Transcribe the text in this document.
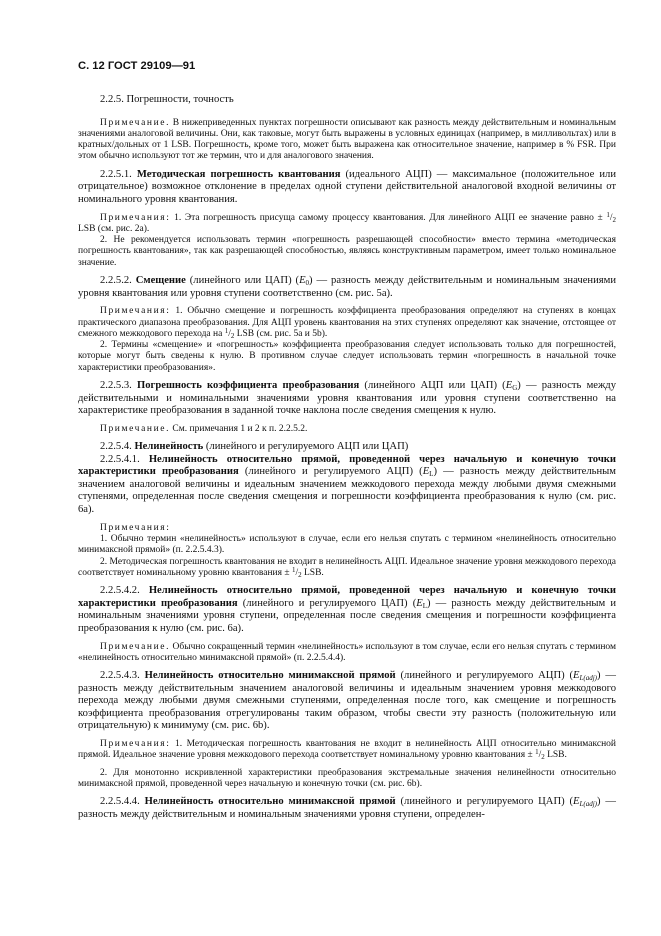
С. 12 ГОСТ 29109—91

2.2.5. Погрешности, точность

Примечание. В нижеприведенных пунктах погрешности описывают как разность между действительным и номинальным значениями аналоговой величины. Они, как таковые, могут быть выражены в условных единицах (например, в милливольтах) или в кратных/дольных от 1 LSB. Погрешность, кроме того, может быть выражена как относительное значение, например в % FSR. При этом обычно используют тот же термин, что и для аналогового значения.

2.2.5.1. Методическая погрешность квантования (идеального АЦП) — максимальное (положительное или отрицательное) возможное отклонение в пределах одной ступени действительной аналоговой входной величины от номинального уровня квантования.

Примечания: 1. Эта погрешность присуща самому процессу квантования. Для линейного АЦП ее значение равно ± $^1/_2$ LSB (см. рис. 2а).

2. Не рекомендуется использовать термин «погрешность разрешающей способности» вместо термина «методическая погрешность квантования», так как разрешающей способностью, являясь конструктивным параметром, имеет только номинальное значение.

2.2.5.2. Смещение (линейного или ЦАП) $(E_0)$ — разность между действительным и номинальным значениями уровня квантования или уровня ступени соответственно (см. рис. 5а).

Примечания: 1. Обычно смещение и погрешность коэффициента преобразования определяют на ступенях в концах практического диапазона преобразования. Для АЦП уровень квантования на этих ступенях определяют как значение, отстоящее от смежного межкодового перехода на $^1/_2$ LSB (см. рис. 5а и 5b).

2. Термины «смещение» и «погрешность» коэффициента преобразования следует использовать только для погрешностей, которые могут быть сведены к нулю. В противном случае следует использовать термин «погрешность в начальной точке характеристики преобразования».

2.2.5.3. Погрешность коэффициента преобразования (линейного АЦП или ЦАП) $(E_G)$ — разность между действительными и номинальными значениями уровня квантования или уровня ступени соответственно на характеристике преобразования в заданной точке наклона после сведения смещения к нулю.

Примечание. См. примечания 1 и 2 к п. 2.2.5.2.

2.2.5.4. Нелинейность (линейного и регулируемого АЦП или ЦАП)

2.2.5.4.1. Нелинейность относительно прямой, проведенной через начальную и конечную точки характеристики преобразования (линейного и регулируемого АЦП) $(E_L)$ — разность между действительным значением аналоговой величины и идеальным значением межкодового перехода между любыми двумя смежными ступенями, определенная после сведения смещения и погрешности коэффициента преобразования к нулю (см. рис. 6а).

Примечания:

1. Обычно термин «нелинейность» используют в случае, если его нельзя спутать с термином «нелинейность относительно минимаксной прямой» (п. 2.2.5.4.3).

2. Методическая погрешность квантования не входит в нелинейность АЦП. Идеальное значение уровня межкодового перехода соответствует номинальному уровню квантования ± $^1/_2$ LSB.

2.2.5.4.2. Нелинейность относительно прямой, проведенной через начальную и конечную точки характеристики преобразования (линейного и регулируемого ЦАП) $(E_L)$ — разность между действительным и номинальным значениями уровня ступени, определенная после сведения смещения и погрешности коэффициента преобразования к нулю (см. рис. 6а).

Примечание. Обычно сокращенный термин «нелинейность» используют в том случае, если его нельзя спутать с термином «нелинейность относительно минимаксной прямой» (п. 2.2.5.4.4).

2.2.5.4.3. Нелинейность относительно минимаксной прямой (линейного и регулируемого АЦП) $(E_{L(adj)})$ — разность между действительным значением аналоговой величины и идеальным значением уровня межкодового перехода между любыми двумя смежными ступенями, определенная после того, как смещение и погрешность коэффициента преобразования отрегулированы таким образом, чтобы свести эту разность (положительную или отрицательную) к минимуму (см. рис. 6b).

Примечания: 1. Методическая погрешность квантования не входит в нелинейность АЦП относительно минимаксной прямой. Идеальное значение уровня межкодового перехода соответствует номинальному уровню квантования ± $^1/_2$ LSB.

2. Для монотонно искривленной характеристики преобразования экстремальные значения нелинейности относительно минимаксной прямой, проведенной через начальную и конечную точки (см. рис. 6b).

2.2.5.4.4. Нелинейность относительно минимаксной прямой (линейного и регулируемого ЦАП) $(E_{L(adj)})$ — разность между действительным и номинальным значениями уровня ступени, определен-
